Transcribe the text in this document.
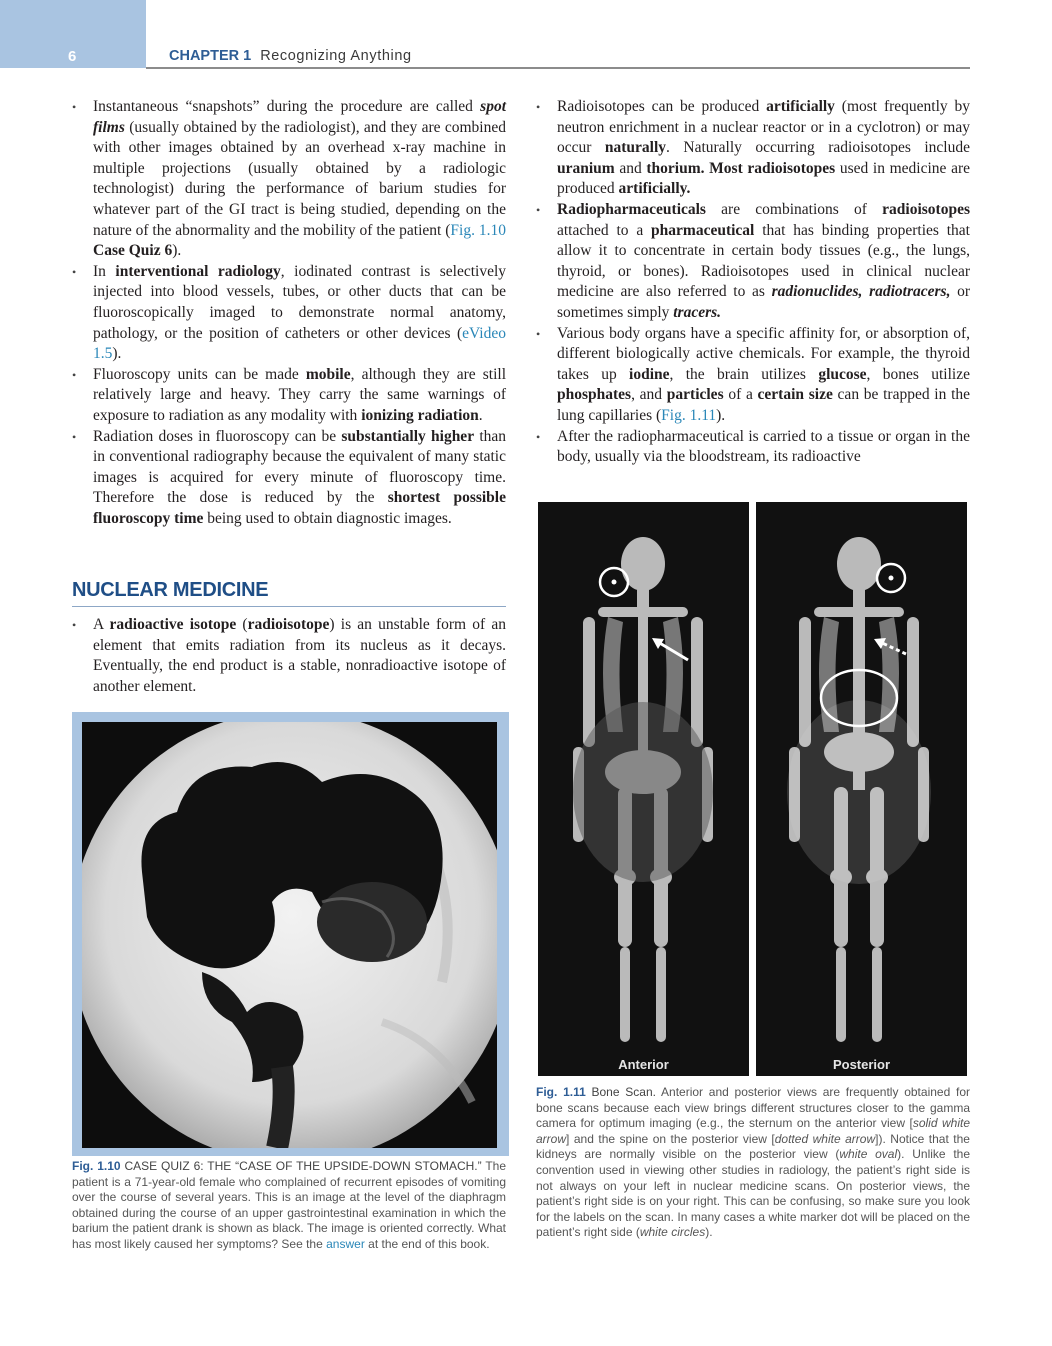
6	CHAPTER 1 Recognizing Anything

• Instantaneous “snapshots” during the procedure are called spot films (usually obtained by the radiologist), and they are combined with other images obtained by an overhead x-ray machine in multiple projections (usually obtained by a radiologic technologist) during the performance of barium studies for whatever part of the GI tract is being studied, depending on the nature of the abnormality and the mobility of the patient (Fig. 1.10 Case Quiz 6).

• In interventional radiology, iodinated contrast is selectively injected into blood vessels, tubes, or other ducts that can be fluoroscopically imaged to demonstrate normal anatomy, pathology, or the position of catheters or other devices (eVideo 1.5).

• Fluoroscopy units can be made mobile, although they are still relatively large and heavy. They carry the same warnings of exposure to radiation as any modality with ionizing radiation.

• Radiation doses in fluoroscopy can be substantially higher than in conventional radiography because the equivalent of many static images is acquired for every minute of fluoroscopy time. Therefore the dose is reduced by the shortest possible fluoroscopy time being used to obtain diagnostic images.

NUCLEAR MEDICINE

• A radioactive isotope (radioisotope) is an unstable form of an element that emits radiation from its nucleus as it decays. Eventually, the end product is a stable, nonradioactive isotope of another element.

Fig. 1.10 CASE QUIZ 6: THE “CASE OF THE UPSIDE-DOWN STOMACH.” The patient is a 71-year-old female who complained of recurrent episodes of vomiting over the course of several years. This is an image at the level of the diaphragm obtained during the course of an upper gastrointestinal examination in which the barium the patient drank is shown as black. The image is oriented correctly. What has most likely caused her symptoms? See the answer at the end of this book.

• Radioisotopes can be produced artificially (most frequently by neutron enrichment in a nuclear reactor or in a cyclotron) or may occur naturally. Naturally occurring radioisotopes include uranium and thorium. Most radioisotopes used in medicine are produced artificially.

• Radiopharmaceuticals are combinations of radioisotopes attached to a pharmaceutical that has binding properties that allow it to concentrate in certain body tissues (e.g., the lungs, thyroid, or bones). Radioisotopes used in clinical nuclear medicine are also referred to as radionuclides, radiotracers, or sometimes simply tracers.

• Various body organs have a specific affinity for, or absorption of, different biologically active chemicals. For example, the thyroid takes up iodine, the brain utilizes glucose, bones utilize phosphates, and particles of a certain size can be trapped in the lung capillaries (Fig. 1.11).

• After the radiopharmaceutical is carried to a tissue or organ in the body, usually via the bloodstream, its radioactive

Anterior	Posterior

Fig. 1.11 Bone Scan. Anterior and posterior views are frequently obtained for bone scans because each view brings different structures closer to the gamma camera for optimum imaging (e.g., the sternum on the anterior view [solid white arrow] and the spine on the posterior view [dotted white arrow]). Notice that the kidneys are normally visible on the posterior view (white oval). Unlike the convention used in viewing other studies in radiology, the patient’s right side is not always on your left in nuclear medicine scans. On posterior views, the patient’s right side is on your right. This can be confusing, so make sure you look for the labels on the scan. In many cases a white marker dot will be placed on the patient’s right side (white circles).
